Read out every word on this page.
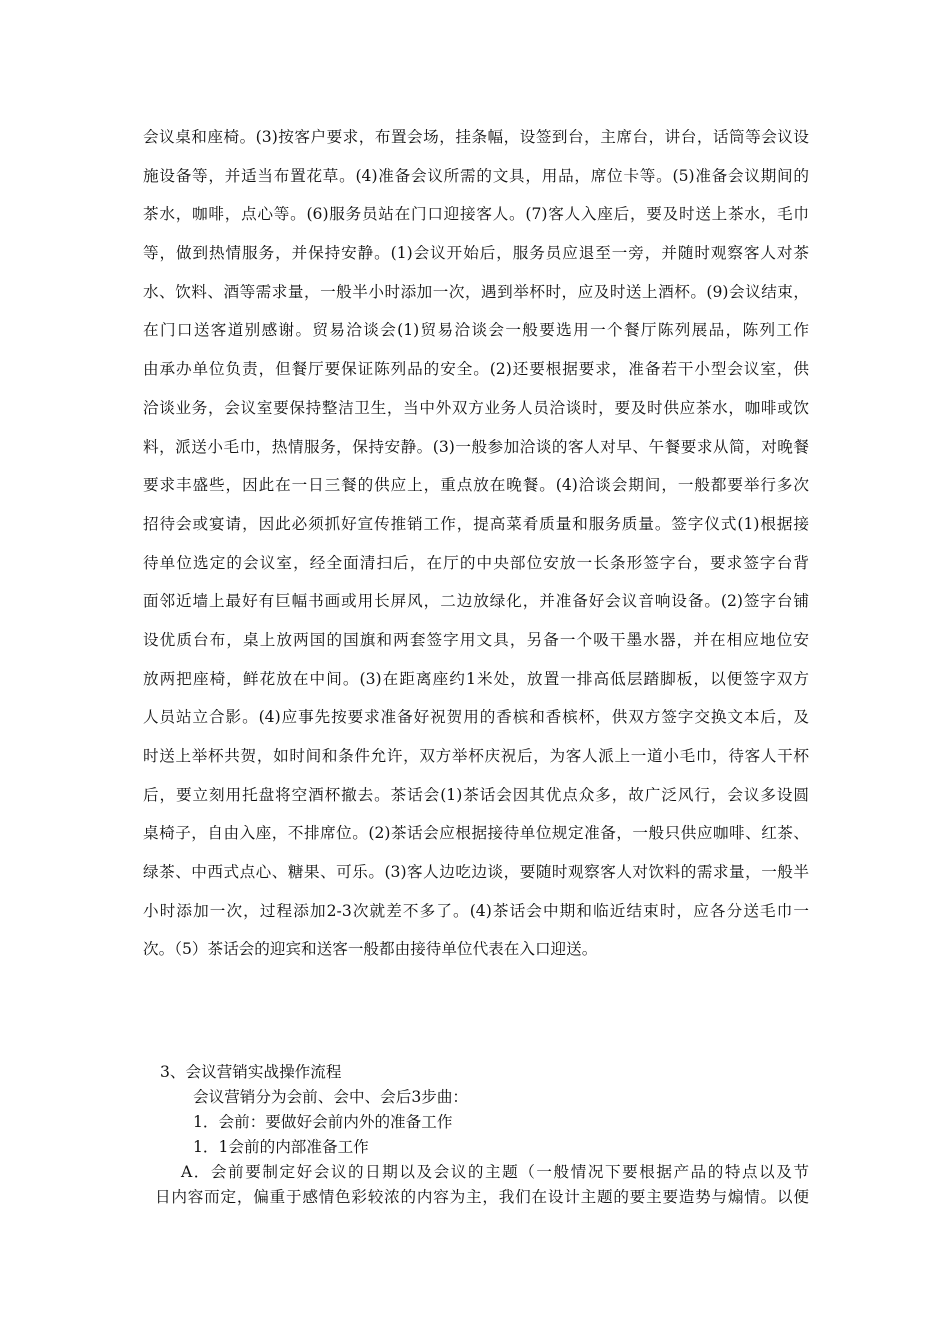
会议桌和座椅。(3)按客户要求，布置会场，挂条幅，设签到台，主席台，讲台，话筒等会议设
施设备等，并适当布置花草。(4)准备会议所需的文具，用品，席位卡等。(5)准备会议期间的
茶水，咖啡，点心等。(6)服务员站在门口迎接客人。(7)客人入座后，要及时送上茶水，毛巾
等，做到热情服务，并保持安静。(1)会议开始后，服务员应退至一旁，并随时观察客人对茶
水、饮料、酒等需求量，一般半小时添加一次，遇到举杯时，应及时送上酒杯。(9)会议结束，
在门口送客道别感谢。贸易洽谈会(1)贸易洽谈会一般要选用一个餐厅陈列展品，陈列工作
由承办单位负责，但餐厅要保证陈列品的安全。(2)还要根据要求，准备若干小型会议室，供
洽谈业务，会议室要保持整洁卫生，当中外双方业务人员洽谈时，要及时供应茶水，咖啡或饮
料，派送小毛巾，热情服务，保持安静。(3)一般参加洽谈的客人对早、午餐要求从简，对晚餐
要求丰盛些，因此在一日三餐的供应上，重点放在晚餐。(4)洽谈会期间，一般都要举行多次
招待会或宴请，因此必须抓好宣传推销工作，提高菜肴质量和服务质量。签字仪式(1)根据接
待单位选定的会议室，经全面清扫后，在厅的中央部位安放一长条形签字台，要求签字台背
面邻近墙上最好有巨幅书画或用长屏风，二边放绿化，并准备好会议音响设备。(2)签字台铺
设优质台布，桌上放两国的国旗和两套签字用文具，另备一个吸干墨水器，并在相应地位安
放两把座椅，鲜花放在中间。(3)在距离座约1米处，放置一排高低层踏脚板，以便签字双方
人员站立合影。(4)应事先按要求准备好祝贺用的香槟和香槟杯，供双方签字交换文本后，及
时送上举杯共贺，如时间和条件允许，双方举杯庆祝后，为客人派上一道小毛巾，待客人干杯
后，要立刻用托盘将空酒杯撤去。茶话会(1)茶话会因其优点众多，故广泛风行，会议多设圆
桌椅子，自由入座，不排席位。(2)茶话会应根据接待单位规定准备，一般只供应咖啡、红茶、
绿茶、中西式点心、糖果、可乐。(3)客人边吃边谈，要随时观察客人对饮料的需求量，一般半
小时添加一次，过程添加2-3次就差不多了。(4)茶话会中期和临近结束时，应各分送毛巾一
次。（5）茶话会的迎宾和送客一般都由接待单位代表在入口迎送。
3、会议营销实战操作流程
会议营销分为会前、会中、会后3步曲：
1．会前：要做好会前内外的准备工作
1．1会前的内部准备工作
A．会前要制定好会议的日期以及会议的主题（一般情况下要根据产品的特点以及节
日内容而定，偏重于感情色彩较浓的内容为主，我们在设计主题的要主要造势与煽情。以便
